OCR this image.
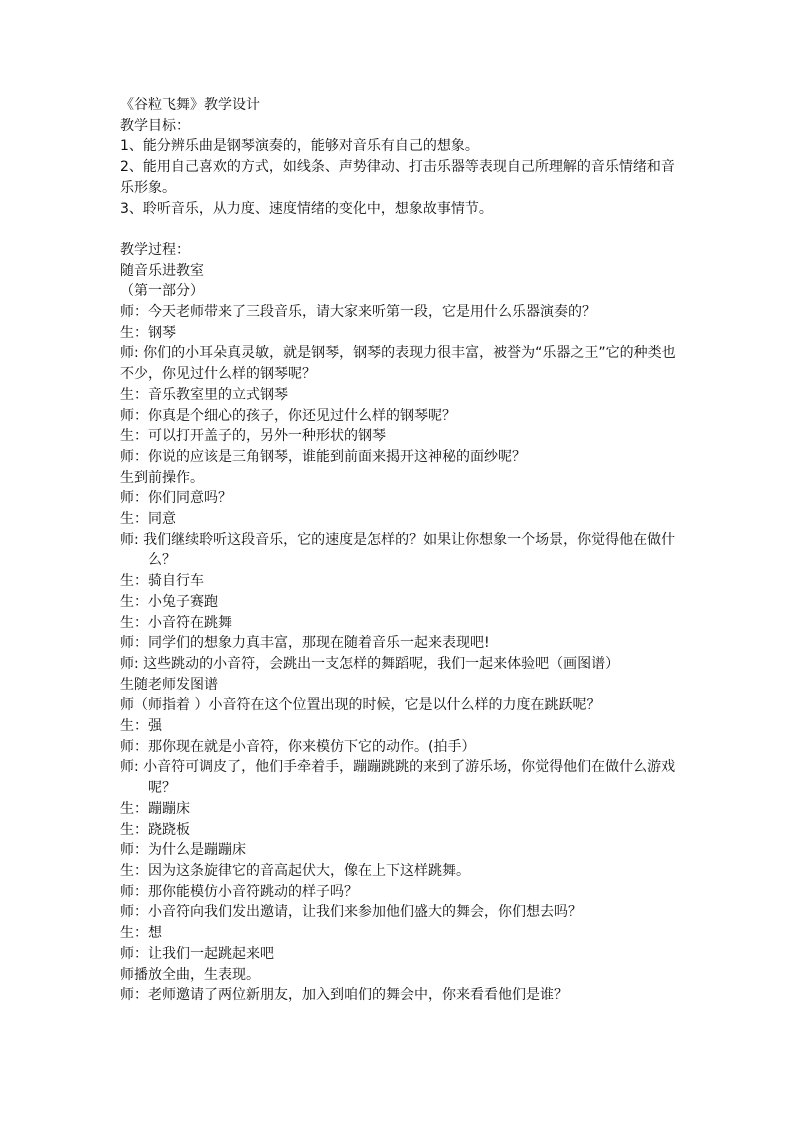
《谷粒飞舞》教学设计
教学目标：
1、能分辨乐曲是钢琴演奏的，能够对音乐有自己的想象。
2、能用自己喜欢的方式，如线条、声势律动、打击乐器等表现自己所理解的音乐情绪和音乐形象。
3、聆听音乐，从力度、速度情绪的变化中，想象故事情节。
教学过程：
随音乐进教室
（第一部分）
师：今天老师带来了三段音乐，请大家来听第一段，它是用什么乐器演奏的？
生：钢琴
师: 你们的小耳朵真灵敏，就是钢琴，钢琴的表现力很丰富，被誉为“乐器之王”它的种类也不少，你见过什么样的钢琴呢？
生：音乐教室里的立式钢琴
师：你真是个细心的孩子，你还见过什么样的钢琴呢？
生：可以打开盖子的，另外一种形状的钢琴
师：你说的应该是三角钢琴，谁能到前面来揭开这神秘的面纱呢？
生到前操作。
师：你们同意吗？
生：同意
师: 我们继续聆听这段音乐，它的速度是怎样的？如果让你想象一个场景，你觉得他在做什么？
生：骑自行车
生：小兔子赛跑
生：小音符在跳舞
师：同学们的想象力真丰富，那现在随着音乐一起来表现吧!
师: 这些跳动的小音符，会跳出一支怎样的舞蹈呢，我们一起来体验吧（画图谱）
生随老师发图谱
师（师指着 ）小音符在这个位置出现的时候，它是以什么样的力度在跳跃呢？
生：强
师：那你现在就是小音符，你来模仿下它的动作。(拍手）
师: 小音符可调皮了，他们手牵着手，蹦蹦跳跳的来到了游乐场，你觉得他们在做什么游戏呢？
生：蹦蹦床
生：跷跷板
师：为什么是蹦蹦床
生：因为这条旋律它的音高起伏大，像在上下这样跳舞。
师：那你能模仿小音符跳动的样子吗？
师：小音符向我们发出邀请，让我们来参加他们盛大的舞会，你们想去吗？
生：想
师：让我们一起跳起来吧
师播放全曲，生表现。
师：老师邀请了两位新朋友，加入到咱们的舞会中，你来看看他们是谁？
